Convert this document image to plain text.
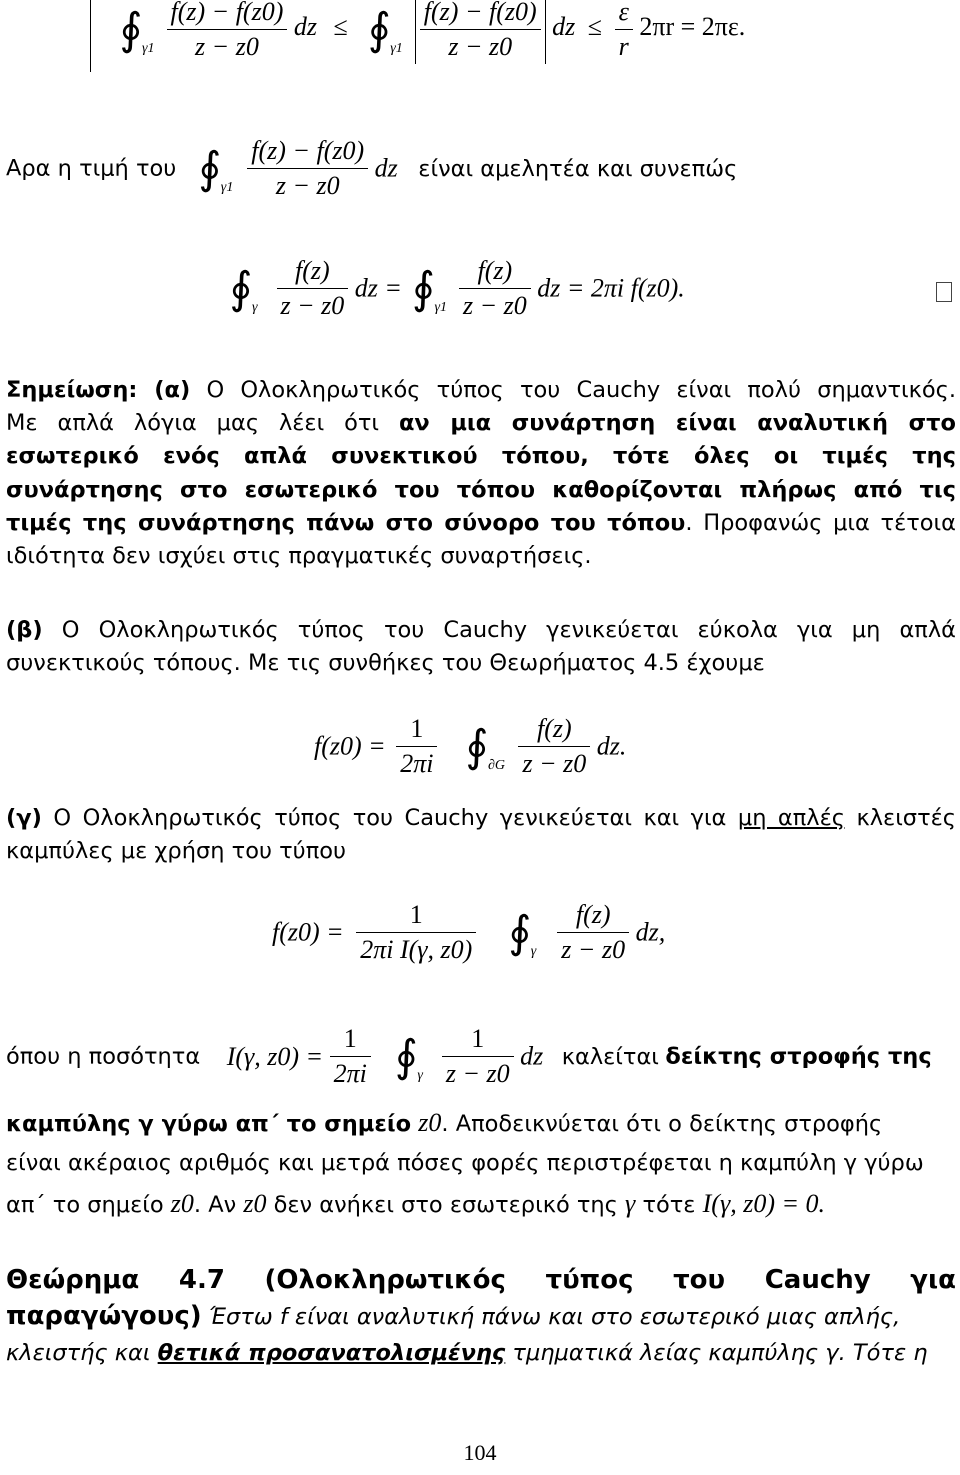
∮ γ1
$\frac{f(z) - f(z0)}{z - z0}$ dz ≤ ∮ γ1
$\frac{f(z) - f(z0)}{z - z0}$ dz ≤ $\frac{\varepsilon}{r} 2\pi r = 2\pi\varepsilon$.
Αρα η τιμή του ∮ γ1
$\frac{f(z) - f(z0)}{z - z0}$ dz είναι αμελητέα και συνεπώς
∮ γ
$\frac{f(z)}{z - z0}$ dz = ∮ γ1
$\frac{f(z)}{z - z0}$ dz = 2πi f(z0).
Σημείωση: (α) Ο Ολοκληρωτικός τύπος του Cauchy είναι πολύ σημαντικός.
Με απλά λόγια μας λέει ότι αν μια συνάρτηση είναι αναλυτική στο
εσωτερικό ενός απλά συνεκτικού τόπου, τότε όλες οι τιμές της
συνάρτησης στο εσωτερικό του τόπου καθορίζονται πλήρως από τις
τιμές της συνάρτησης πάνω στο σύνορο του τόπου. Προφανώς μια τέτοια
ιδιότητα δεν ισχύει στις πραγματικές συναρτήσεις.
(β) Ο Ολοκληρωτικός τύπος του Cauchy γενικεύεται εύκολα για μη απλά
συνεκτικούς τόπους. Με τις συνθήκες του Θεωρήματος 4.5 έχουμε
$f(z0) = \frac{1}{2\pi i}$ ∮ ∂G
$\frac{f(z)}{z - z0}$ dz.
(γ) Ο Ολοκληρωτικός τύπος του Cauchy γενικεύεται και για μη απλές κλειστές
καμπύλες με χρήση του τύπου
$f(z0) = \frac{1}{\text{2πi I(γ, z0)}}$ ∮ γ
$\frac{f(z)}{z - z0}$ dz,
όπου η ποσότητα I(γ, $z0) = \frac{1}{2\pi i}$ ∮ γ
$\frac{1}{z - z0}$ dz καλείται δείκτης στροφής της
καμπύλης γ γύρω απ΄ το σημείο z0. Αποδεικνύεται ότι ο δείκτης στροφής
είναι ακέραιος αριθμός και μετρά πόσες φορές περιστρέφεται η καμπύλη γ γύρω
απ΄ το σημείο z0. Αν z0 δεν ανήκει στο εσωτερικό της γ τότε I(γ, z0) = 0.
Θεώρημα 4.7 (Ολοκληρωτικός τύπος του Cauchy για
παραγώγους) Έστω f είναι αναλυτική πάνω και στο εσωτερικό μιας απλής,
κλειστής και θετικά προσανατολισμένης τμηματικά λείας καμπύλης γ. Τότε η
104
